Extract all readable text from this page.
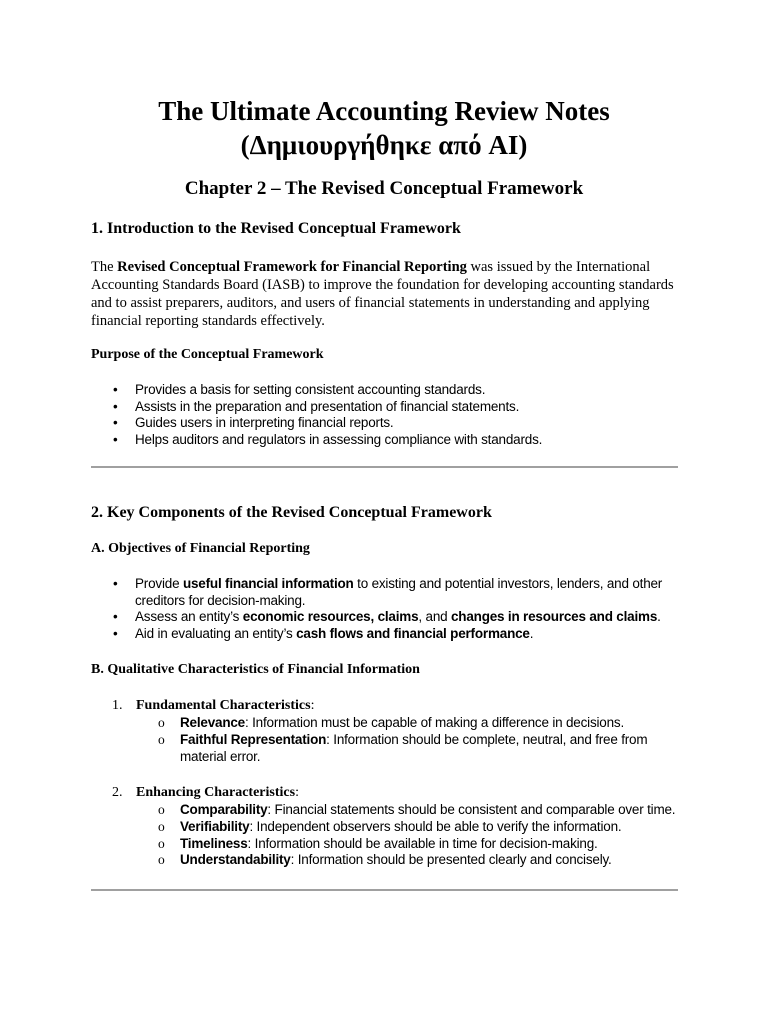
The Ultimate Accounting Review Notes
(Δημιουργήθηκε από AI)
Chapter 2 – The Revised Conceptual Framework
1. Introduction to the Revised Conceptual Framework
The Revised Conceptual Framework for Financial Reporting was issued by the International Accounting Standards Board (IASB) to improve the foundation for developing accounting standards and to assist preparers, auditors, and users of financial statements in understanding and applying financial reporting standards effectively.
Purpose of the Conceptual Framework
• Provides a basis for setting consistent accounting standards.
• Assists in the preparation and presentation of financial statements.
• Guides users in interpreting financial reports.
• Helps auditors and regulators in assessing compliance with standards.
2. Key Components of the Revised Conceptual Framework
A. Objectives of Financial Reporting
• Provide useful financial information to existing and potential investors, lenders, and other creditors for decision-making.
• Assess an entity’s economic resources, claims, and changes in resources and claims.
• Aid in evaluating an entity’s cash flows and financial performance.
B. Qualitative Characteristics of Financial Information
1. Fundamental Characteristics:
o Relevance: Information must be capable of making a difference in decisions.
o Faithful Representation: Information should be complete, neutral, and free from material error.
2. Enhancing Characteristics:
o Comparability: Financial statements should be consistent and comparable over time.
o Verifiability: Independent observers should be able to verify the information.
o Timeliness: Information should be available in time for decision-making.
o Understandability: Information should be presented clearly and concisely.
